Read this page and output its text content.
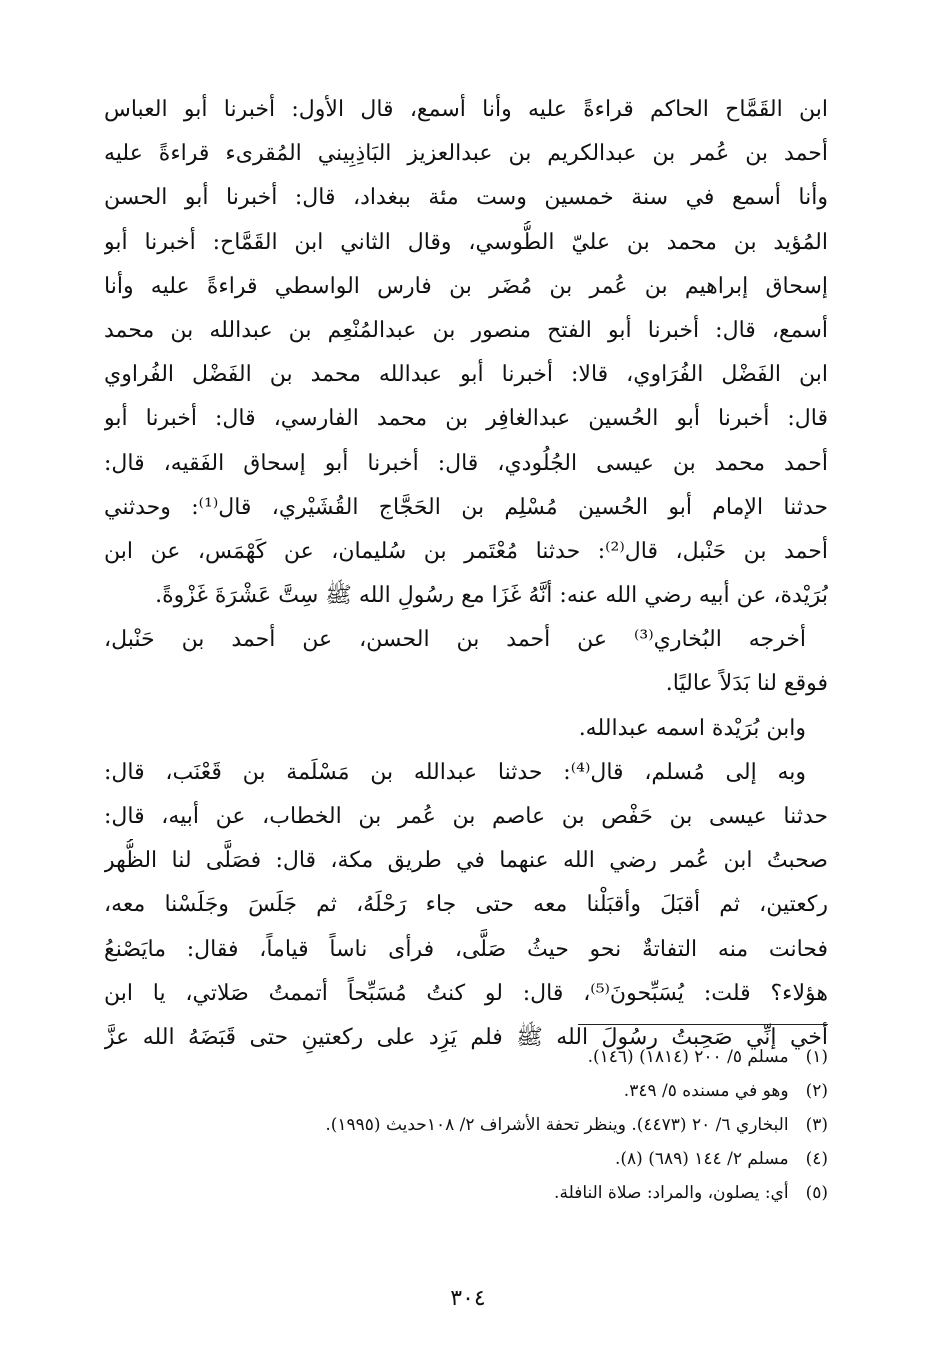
ابن القَمَّاح الحاكم قراءةً عليه وأنا أسمع، قال الأول: أخبرنا أبو العباس
أحمد بن عُمر بن عبدالكريم بن عبدالعزيز البَاذِبِيني المُقرىء قراءةً عليه
وأنا أسمع في سنة خمسين وست مئة ببغداد، قال: أخبرنا أبو الحسن
المُؤيد بن محمد بن عليّ الطُّوسي، وقال الثاني ابن القَمَّاح: أخبرنا أبو
إسحاق إبراهيم بن عُمر بن مُضَر بن فارس الواسطي قراءةً عليه وأنا
أسمع، قال: أخبرنا أبو الفتح منصور بن عبدالمُنْعِم بن عبدالله بن محمد
ابن الفَضْل الفُرَاوي، قالا: أخبرنا أبو عبدالله محمد بن الفَضْل الفُراوي
قال: أخبرنا أبو الحُسين عبدالغافِر بن محمد الفارسي، قال: أخبرنا أبو
أحمد محمد بن عيسى الجُلُودي، قال: أخبرنا أبو إسحاق الفَقيه، قال:
حدثنا الإمام أبو الحُسين مُسْلِم بن الحَجَّاج القُشَيْري، قال⁽¹⁾: وحدثني
أحمد بن حَنْبل، قال⁽²⁾: حدثنا مُعْتَمر بن سُليمان، عن كَهْمَس، عن ابن
بُرَيْدة، عن أبيه رضي الله عنه: أنَّهُ غَزَا مع رسُولِ الله ﷺ سِتَّ عَشْرَةَ غَزْوةً.
أخرجه البُخاري⁽³⁾ عن أحمد بن الحسن، عن أحمد بن حَنْبل،
فوقع لنا بَدَلاً عاليًا.
وابن بُرَيْدة اسمه عبدالله.
وبه إلى مُسلم، قال⁽⁴⁾: حدثنا عبدالله بن مَسْلَمة بن قَعْنَب، قال:
حدثنا عيسى بن حَفْص بن عاصم بن عُمر بن الخطاب، عن أبيه، قال:
صحبتُ ابن عُمر رضي الله عنهما في طريق مكة، قال: فصَلَّى لنا الظُّهر
ركعتين، ثم أقبَلَ وأقبَلْنا معه حتى جاء رَحْلَهُ، ثم جَلَسَ وجَلَسْنا معه،
فحانت منه التفاتةٌ نحو حيثُ صَلَّى، فرأى ناساً قياماً، فقال: مايَصْنعُ
هؤلاء؟ قلت: يُسَبِّحونَ⁽⁵⁾، قال: لو كنتُ مُسَبِّحاً أتممتُ صَلاتي، يا ابن
أخي إنِّي صَحِبتُ رسُولَ الله ﷺ فلم يَزِد على ركعتينِ حتى قَبَضَهُ الله عزَّ
(١) مسلم ٥/ ٢٠٠ (١٨١٤) (١٤٦).
(٢) وهو في مسنده ٥/ ٣٤٩.
(٣) البخاري ٦/ ٢٠ (٤٤٧٣). وينظر تحفة الأشراف ٢/ ١٠٨حديث (١٩٩٥).
(٤) مسلم ٢/ ١٤٤ (٦٨٩) (٨).
(٥) أي: يصلون، والمراد: صلاة النافلة.
٣٠٤
